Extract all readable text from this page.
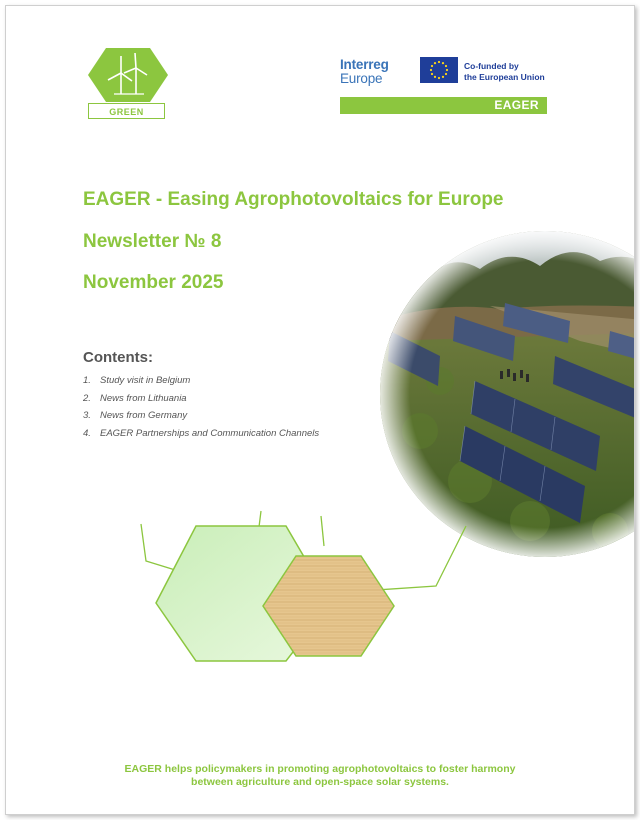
GREEN
Interreg
Europe
Co-funded by
the European Union
EAGER
EAGER - Easing Agrophotovoltaics for Europe
Newsletter № 8
November 2025
Contents:
1. Study visit in Belgium
2. News from Lithuania
3. News from Germany
4. EAGER Partnerships and Communication Channels
EAGER helps policymakers in promoting agrophotovoltaics to foster harmony
between agriculture and open-space solar systems.
